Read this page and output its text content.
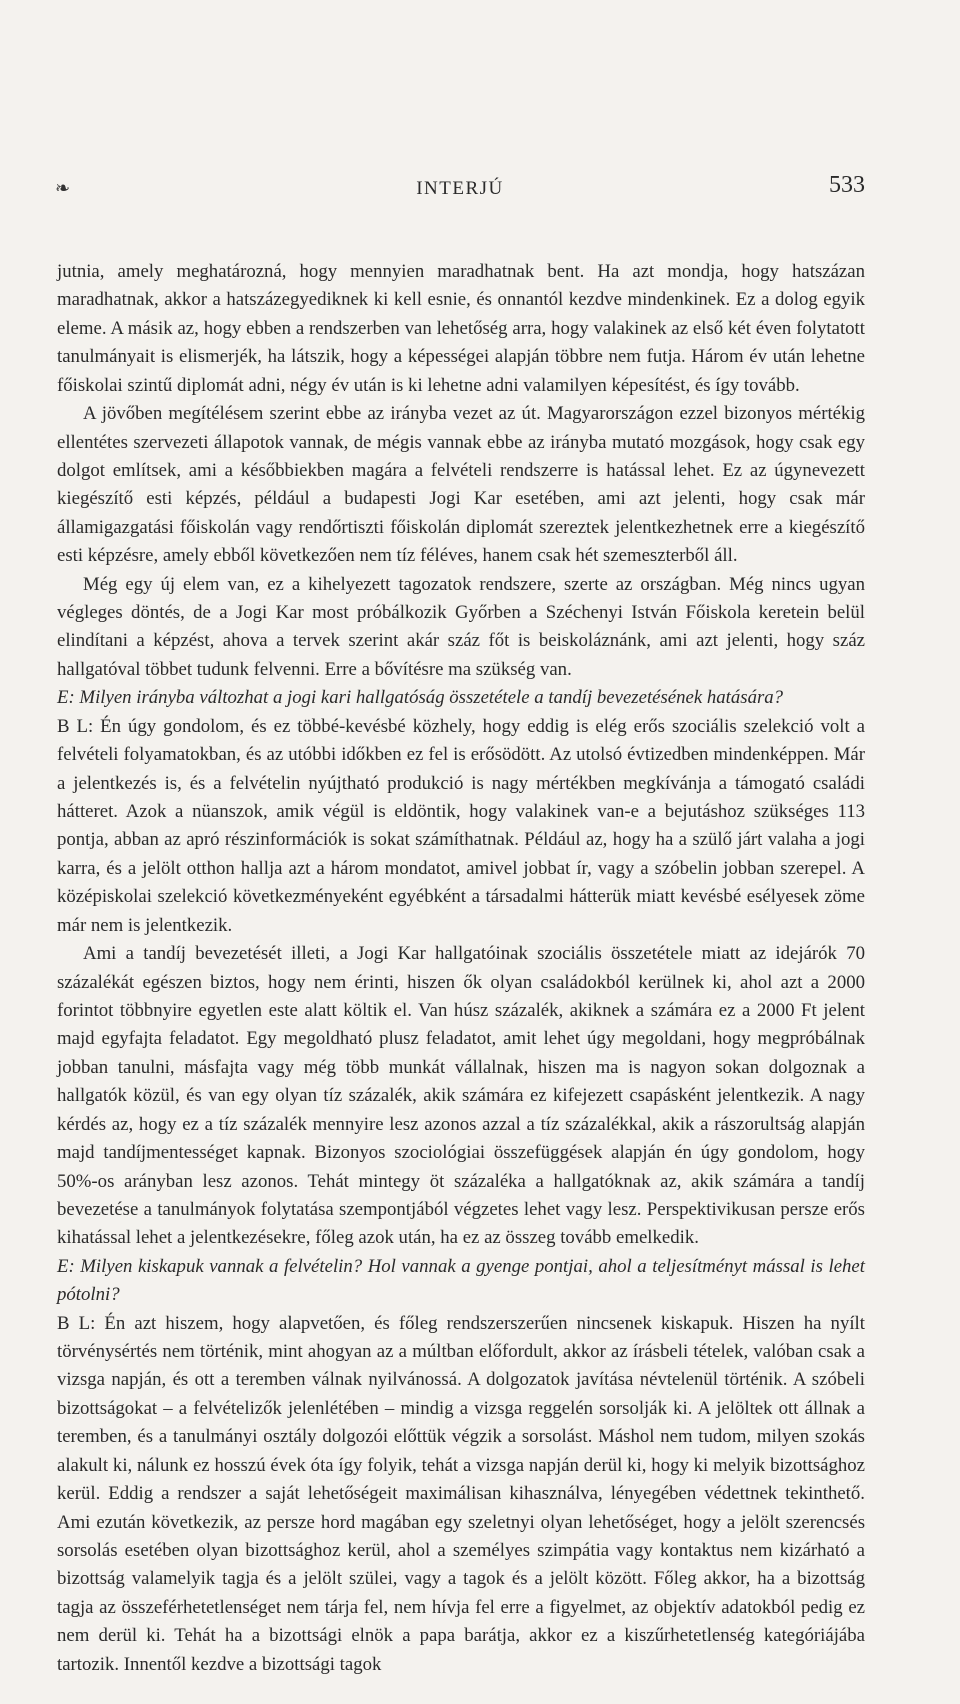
❧	INTERJÚ	533

jutnia, amely meghatározná, hogy mennyien maradhatnak bent. Ha azt mondja, hogy hatszázan maradhatnak, akkor a hatszázegyediknek ki kell esnie, és onnantól kezdve mindenkinek. Ez a dolog egyik eleme. A másik az, hogy ebben a rendszerben van lehetőség arra, hogy valakinek az első két éven folytatott tanulmányait is elismerjék, ha látszik, hogy a képességei alapján többre nem futja. Három év után lehetne főiskolai szintű diplomát adni, négy év után is ki lehetne adni valamilyen képesítést, és így tovább.

A jövőben megítélésem szerint ebbe az irányba vezet az út. Magyarországon ezzel bizonyos mértékig ellentétes szervezeti állapotok vannak, de mégis vannak ebbe az irányba mutató mozgások, hogy csak egy dolgot említsek, ami a későbbiekben magára a felvételi rendszerre is hatással lehet. Ez az úgynevezett kiegészítő esti képzés, például a budapesti Jogi Kar esetében, ami azt jelenti, hogy csak már államigazgatási főiskolán vagy rendőrtiszti főiskolán diplomát szereztek jelentkezhetnek erre a kiegészítő esti képzésre, amely ebből következően nem tíz féléves, hanem csak hét szemeszterből áll.

Még egy új elem van, ez a kihelyezett tagozatok rendszere, szerte az országban. Még nincs ugyan végleges döntés, de a Jogi Kar most próbálkozik Győrben a Széchenyi István Főiskola keretein belül elindítani a képzést, ahova a tervek szerint akár száz főt is beiskoláznánk, ami azt jelenti, hogy száz hallgatóval többet tudunk felvenni. Erre a bővítésre ma szükség van.

E: Milyen irányba változhat a jogi kari hallgatóság összetétele a tandíj bevezetésének hatására?

B L: Én úgy gondolom, és ez többé-kevésbé közhely, hogy eddig is elég erős szociális szelekció volt a felvételi folyamatokban, és az utóbbi időkben ez fel is erősödött. Az utolsó évtizedben mindenképpen. Már a jelentkezés is, és a felvételin nyújtható produkció is nagy mértékben megkívánja a támogató családi hátteret. Azok a nüanszok, amik végül is eldöntik, hogy valakinek van-e a bejutáshoz szükséges 113 pontja, abban az apró részinformációk is sokat számíthatnak. Például az, hogy ha a szülő járt valaha a jogi karra, és a jelölt otthon hallja azt a három mondatot, amivel jobbat ír, vagy a szóbelin jobban szerepel. A középiskolai szelekció következményeként egyébként a társadalmi hátterük miatt kevésbé esélyesek zöme már nem is jelentkezik.

Ami a tandíj bevezetését illeti, a Jogi Kar hallgatóinak szociális összetétele miatt az idejárók 70 százalékát egészen biztos, hogy nem érinti, hiszen ők olyan családokból kerülnek ki, ahol azt a 2000 forintot többnyire egyetlen este alatt költik el. Van húsz százalék, akiknek a számára ez a 2000 Ft jelent majd egyfajta feladatot. Egy megoldható plusz feladatot, amit lehet úgy megoldani, hogy megpróbálnak jobban tanulni, másfajta vagy még több munkát vállalnak, hiszen ma is nagyon sokan dolgoznak a hallgatók közül, és van egy olyan tíz százalék, akik számára ez kifejezett csapásként jelentkezik. A nagy kérdés az, hogy ez a tíz százalék mennyire lesz azonos azzal a tíz százalékkal, akik a rászorultság alapján majd tandíjmentességet kapnak. Bizonyos szociológiai összefüggések alapján én úgy gondolom, hogy 50%-os arányban lesz azonos. Tehát mintegy öt százaléka a hallgatóknak az, akik számára a tandíj bevezetése a tanulmányok folytatása szempontjából végzetes lehet vagy lesz. Perspektivikusan persze erős kihatással lehet a jelentkezésekre, főleg azok után, ha ez az összeg tovább emelkedik.

E: Milyen kiskapuk vannak a felvételin? Hol vannak a gyenge pontjai, ahol a teljesítményt mással is lehet pótolni?

B L: Én azt hiszem, hogy alapvetően, és főleg rendszerszerűen nincsenek kiskapuk. Hiszen ha nyílt törvénysértés nem történik, mint ahogyan az a múltban előfordult, akkor az írásbeli tételek, valóban csak a vizsga napján, és ott a teremben válnak nyilvánossá. A dolgozatok javítása névtelenül történik. A szóbeli bizottságokat – a felvételizők jelenlétében – mindig a vizsga reggelén sorsolják ki. A jelöltek ott állnak a teremben, és a tanulmányi osztály dolgozói előttük végzik a sorsolást. Máshol nem tudom, milyen szokás alakult ki, nálunk ez hosszú évek óta így folyik, tehát a vizsga napján derül ki, hogy ki melyik bizottsághoz kerül. Eddig a rendszer a saját lehetőségeit maximálisan kihasználva, lényegében védettnek tekinthető. Ami ezután következik, az persze hord magában egy szeletnyi olyan lehetőséget, hogy a jelölt szerencsés sorsolás esetében olyan bizottsághoz kerül, ahol a személyes szimpátia vagy kontaktus nem kizárható a bizottság valamelyik tagja és a jelölt szülei, vagy a tagok és a jelölt között. Főleg akkor, ha a bizottság tagja az összeférhetetlenséget nem tárja fel, nem hívja fel erre a figyelmet, az objektív adatokból pedig ez nem derül ki. Tehát ha a bizottsági elnök a papa barátja, akkor ez a kiszűrhetetlenség kategóriájába tartozik. Innentől kezdve a bizottsági tagok
